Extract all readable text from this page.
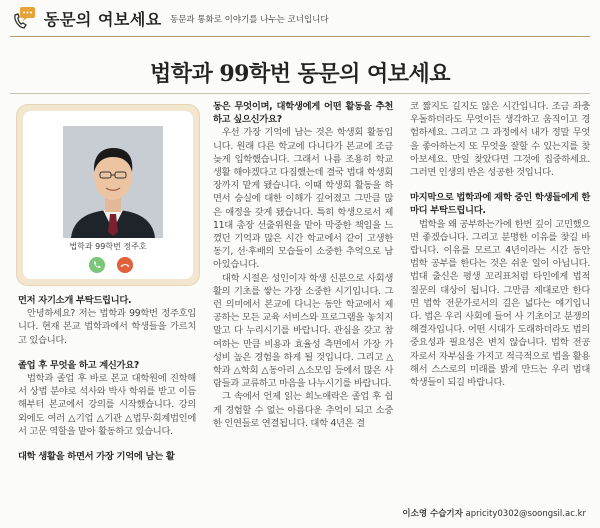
동문의 여보세요 동문과 통화로 이야기를 나누는 코너입니다
법학과 99학번 동문의 여보세요
법학과 99학번 정주호

먼저 자기소개 부탁드립니다.

안녕하세요? 저는 법학과 99학번 정주호입니다. 현재 본교 법학과에서 학생들을 가르치고 있습니다.

졸업 후 무엇을 하고 계신가요?

법학과 졸업 후 바로 본교 대학원에 진학해서 상법 분야로 석사와 박사 학위를 받고 이듬해부터 본교에서 강의를 시작했습니다. 강의 외에도 여러 △기업 △기관 △법무·회계법인에서 고문 역할을 맡아 활동하고 있습니다.

대학 생활을 하면서 가장 기억에 남는 활

동은 무엇이며, 대학생에게 어떤 활동을 추천하고 싶으신가요?

우선 가장 기억에 남는 것은 학생회 활동입니다. 원래 다른 학교에 다니다가 본교에 조금 늦게 입학했습니다. 그래서 나름 조용히 학교생활 해야겠다고 다짐했는데 결국 법대 학생회장까지 맡게 됐습니다. 이때 학생회 활동을 하면서 숭실에 대한 이해가 깊어졌고 그만큼 많은 애정을 갖게 됐습니다. 특히 학생으로서 제11대 총장 선출위원을 맡아 막중한 책임을 느꼈던 기억과 많은 시간 학교에서 같이 고생한 동기, 선·후배의 모습들이 소중한 추억으로 남아있습니다.

대학 시절은 성인이자 학생 신분으로 사회생활의 기초를 쌓는 가장 소중한 시기입니다. 그런 의미에서 본교에 다니는 동안 학교에서 제공하는 모든 교육 서비스와 프로그램을 놓치지 말고 다 누리시기를 바랍니다. 관심을 갖고 참여하는 만큼 비용과 효율성 측면에서 가장 가성비 높은 경험을 하게 될 것입니다. 그리고 △학과 △학회 △동아리 △소모임 등에서 많은 사람들과 교류하고 마음을 나누시기를 바랍니다.

그 속에서 언제 읽는 희노애락은 졸업 후 쉽게 경험할 수 없는 아름다운 추억이 되고 소중한 인연들로 연결됩니다. 대학 4년은 결

코 짧지도 길지도 않은 시간입니다. 조금 좌충우돌하더라도 무엇이든 생각하고 움직이고 경험하세요. 그리고 그 과정에서 내가 정말 무엇을 좋아하는지 또 무엇을 잘할 수 있는지를 찾아보세요. 만일 찾았다면 그것에 집중하세요. 그러면 인생의 반은 성공한 것입니다.

마지막으로 법학과에 재학 중인 학생들에게 한마디 부탁드립니다.

법학을 왜 공부하는가에 한번 깊이 고민했으면 좋겠습니다. 그리고 분명한 이유를 찾길 바랍니다. 이유를 모르고 4년이라는 시간 동안 법학 공부를 한다는 것은 쉬운 일이 아닙니다. 법대 출신은 평생 꼬리표처럼 타인에게 법적 질문의 대상이 됩니다. 그만큼 제대로만 한다면 법학 전문가로서의 길은 넓다는 얘기입니다. 법은 우리 사회에 들어 사 기초이고 분쟁의 해결자입니다. 어떤 시대가 도래하더라도 법의 중요성과 필요성은 변치 않습니다. 법학 전공자로서 자부심을 가지고 적극적으로 법을 활용해서 스스로의 미래를 밝게 만드는 우리 법대 학생들이 되길 바랍니다.

이소영 수습기자 apricity0302@soongsil.ac.kr
